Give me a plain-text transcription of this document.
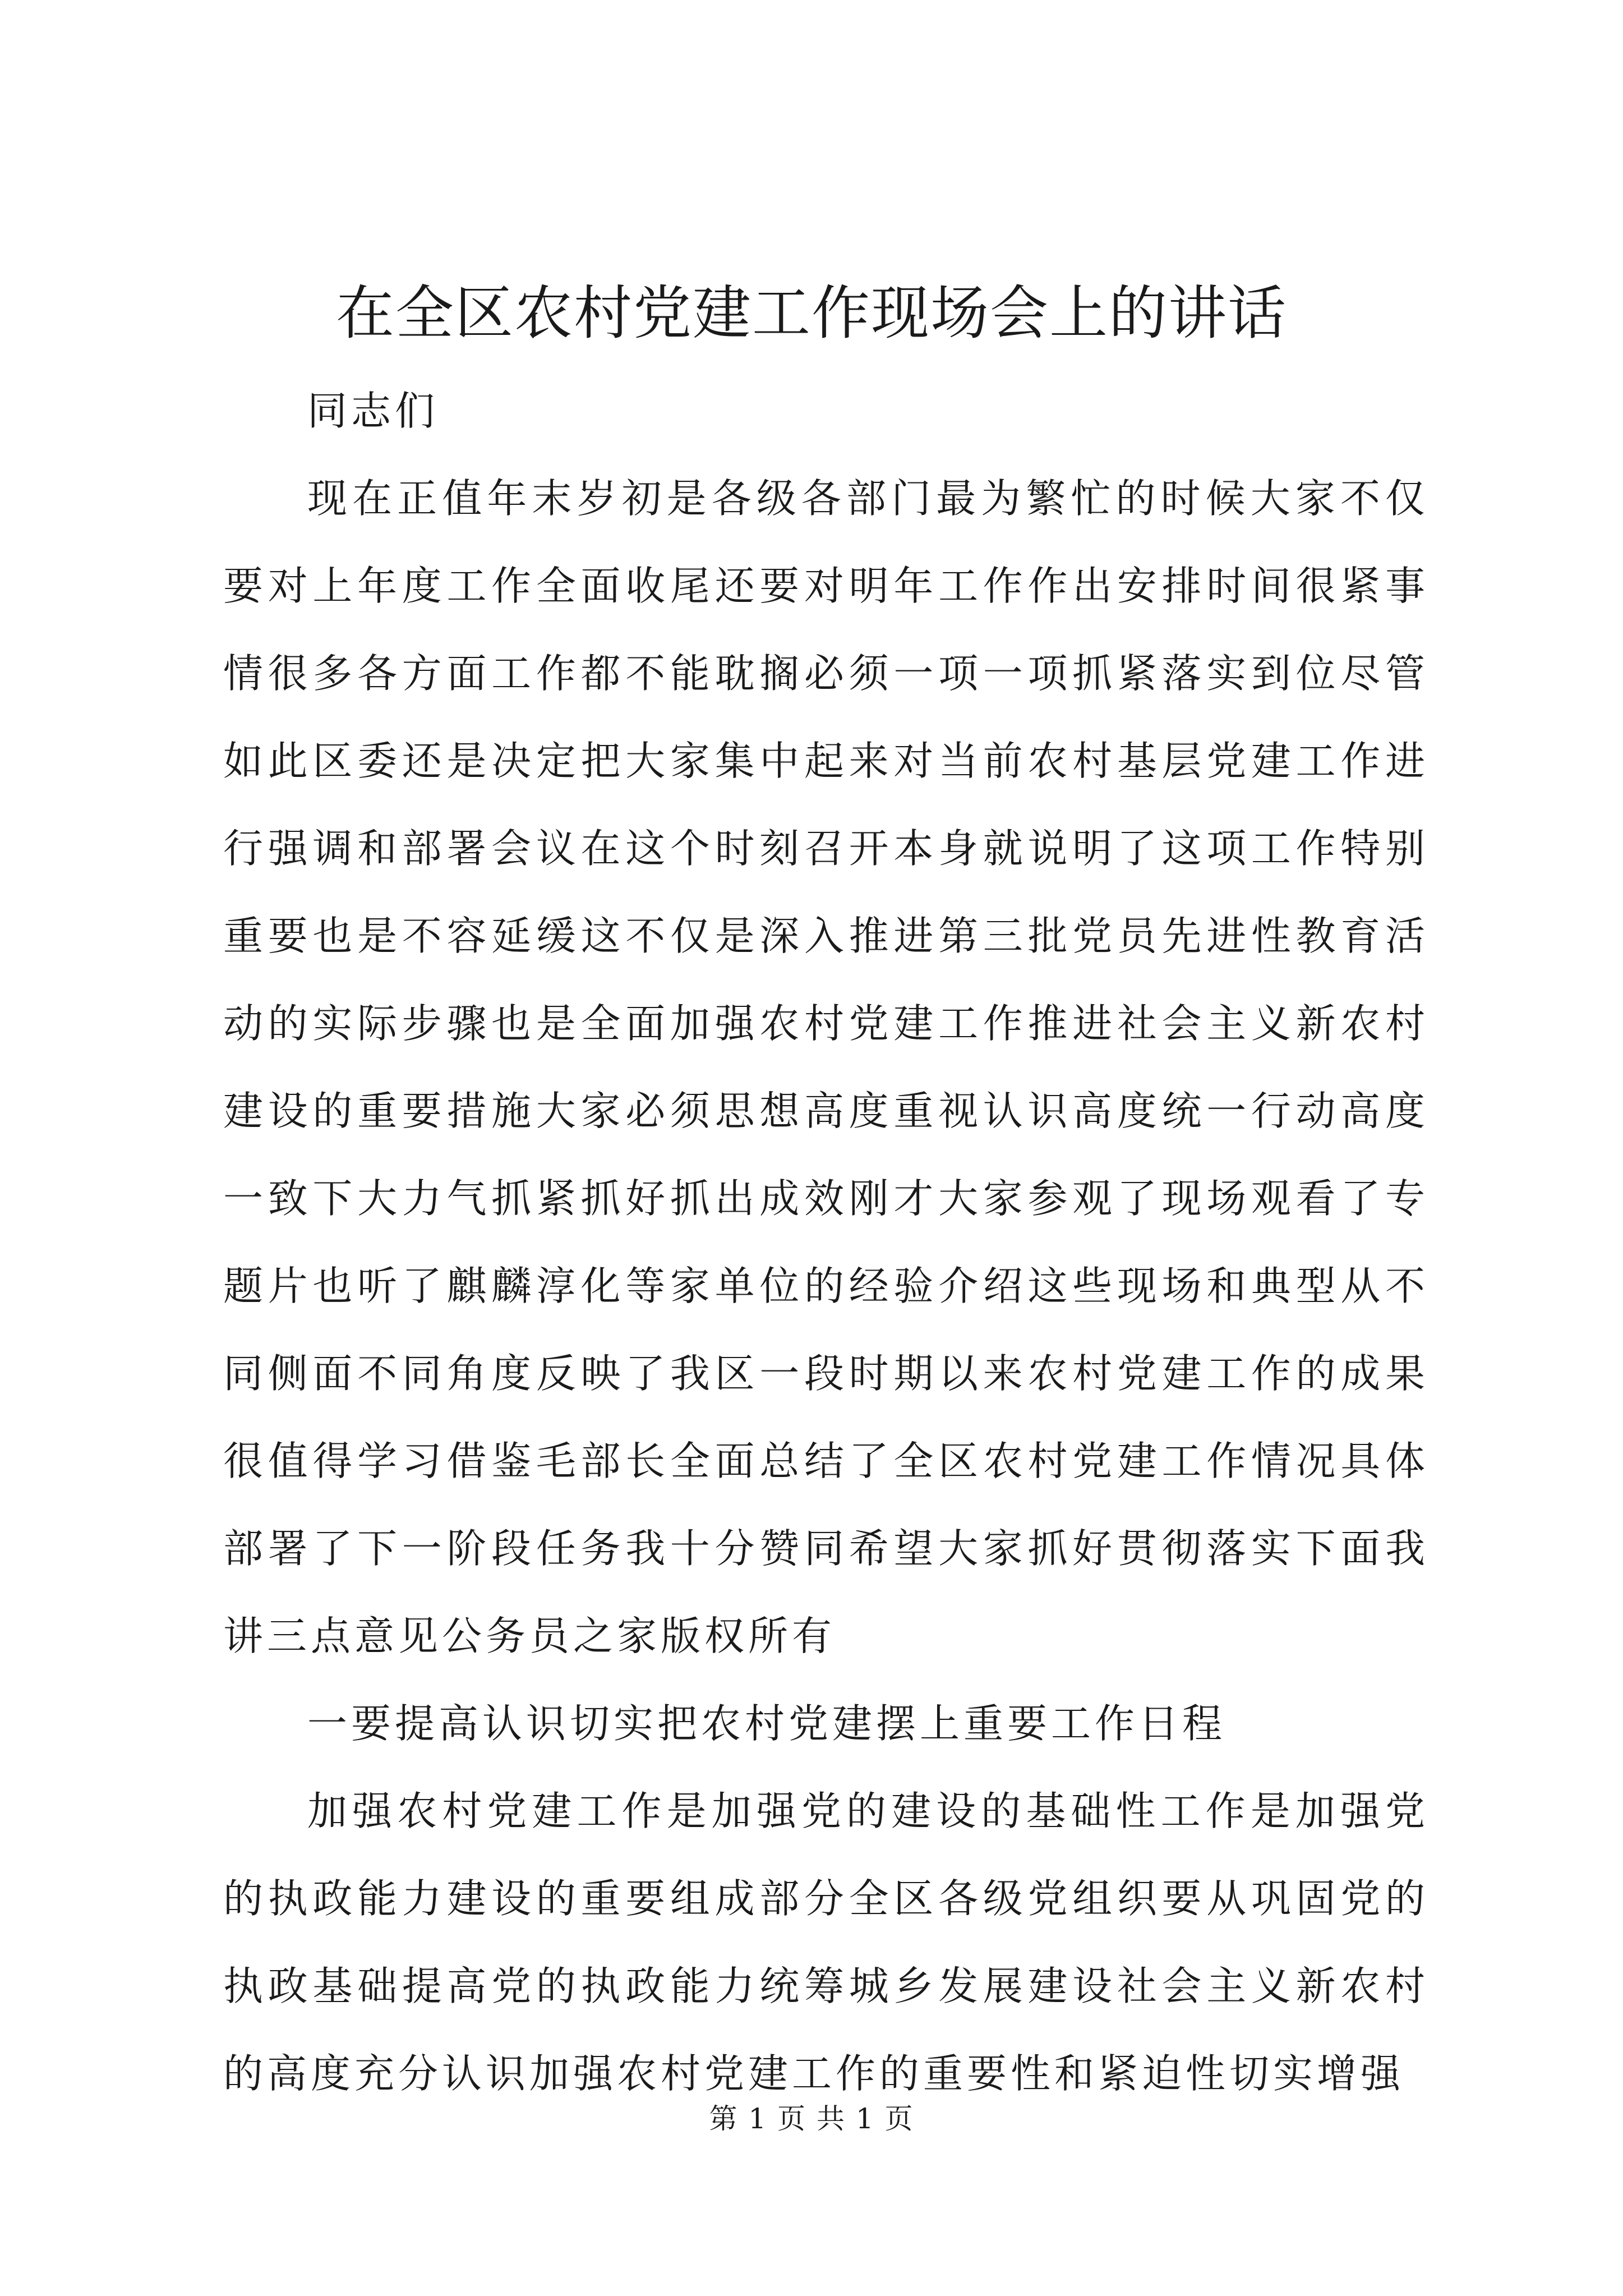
在全区农村党建工作现场会上的讲话

同志们

现在正值年末岁初是各级各部门最为繁忙的时候大家不仅要对上年度工作全面收尾还要对明年工作作出安排时间很紧事情很多各方面工作都不能耽搁必须一项一项抓紧落实到位尽管如此区委还是决定把大家集中起来对当前农村基层党建工作进行强调和部署会议在这个时刻召开本身就说明了这项工作特别重要也是不容延缓这不仅是深入推进第三批党员先进性教育活动的实际步骤也是全面加强农村党建工作推进社会主义新农村建设的重要措施大家必须思想高度重视认识高度统一行动高度一致下大力气抓紧抓好抓出成效刚才大家参观了现场观看了专题片也听了麒麟淳化等家单位的经验介绍这些现场和典型从不同侧面不同角度反映了我区一段时期以来农村党建工作的成果很值得学习借鉴毛部长全面总结了全区农村党建工作情况具体部署了下一阶段任务我十分赞同希望大家抓好贯彻落实下面我讲三点意见公务员之家版权所有

一要提高认识切实把农村党建摆上重要工作日程

加强农村党建工作是加强党的建设的基础性工作是加强党的执政能力建设的重要组成部分全区各级党组织要从巩固党的执政基础提高党的执政能力统筹城乡发展建设社会主义新农村的高度充分认识加强农村党建工作的重要性和紧迫性切实增强

第 1 页 共 1 页
